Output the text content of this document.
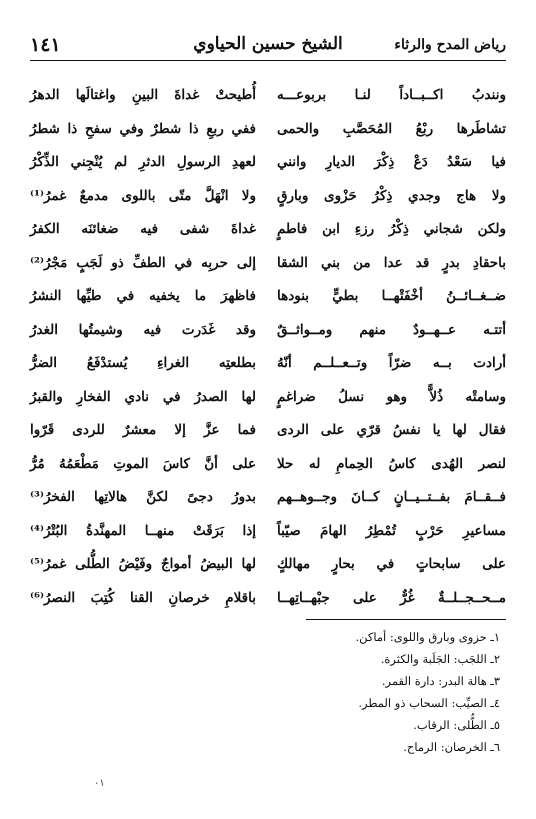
رياض المدح والرثاء
الشيخ حسين الحياوي
١٤١
ونندبُ اكــبــاداً لنـا بربوعـــه
أُطيحتْ غداةَ البينِ واغتالَها الدهرُ
تشاطَرها ربْعُ المُحَصَّبِ والحمى
ففي ربعِ ذا شطرٌ وفي سفحِ ذا شطرُ
فيا سَعْدُ دَعْ ذِكْرَ الديارِ وانني
لعهدِ الرسولِ الدثرِ لم يُنْجِني الذِّكْرُ
ولا هاج وجدي ذِكْرُ حَزْوى وبارقٍ
ولا انْهَلَّ متّى باللوى مدمعٌ غمرُ⁽¹⁾
ولكن شجاني ذِكْرُ رزءِ ابن فاطمٍ
غداةَ شفى فيه ضغائنَه الكفرُ
باحقادِ بدرٍ قد عدا من بني الشقا
إلى حربِه في الطفِّ ذو لَجَبٍ مَجْرُ⁽²⁾
ضــغــائــنُ أخْفَتْهــا بطيٍّ بنودها
فاظهرَ ما يخفيه في طيِّها النشرُ
أتتـه عــهــودٌ منهم ومــواثــقٌ
وقد غَدَرت فيه وشيمتُها الغدرُ
أرادت بــه ضرّاً وتــعــلــم أنّهُ
بطلعتِه الغراءِ يُستدْفَعُ الضرُّ
وسامتْه ذُلاًّ وهو نسلُ ضراغمٍ
لها الصدرُ في نادي الفخارِ والقبرُ
فقال لها يا نفسُ قرّي على الردى
فما عزَّ إلا معشرٌ للردى قَرّوا
لنصر الهُدى كاسُ الحِمامِ له حلا
على أنَّ كاسَ الموتِ مَطْعَمُهُ مُرُّ
فــقــامَ بفــتــيــانٍ كــانَ وجــوهــهم
بدورُ دجىً لكنَّ هالاتِها الفخرُ⁽³⁾
مساعيرِ حَرْبٍ تُمْطِرُ الهامَ صيّباً
إذا بَرَقَتْ منهــا المهنَّدةُ البُتْرُ⁽⁴⁾
على سابحاتٍ في بحارٍ مهالكٍ
لها البيضُ أمواجٌ وفَيْضُ الطُّلى غمرُ⁽⁵⁾
مــحــجــلــةٌ غُرٌّ على جبْهــاتِهــا
باقلامِ خرصانِ القنا كُتِبَ النصرُ⁽⁶⁾
١ـ حزوى وبارق واللوى: أماكن.
٢ـ اللجَب: الجَلَبة والكثرة.
٣ـ هالة البدر: دارة القمر.
٤ـ الصيِّب: السحاب ذو المطر.
٥ـ الطُّلى: الرقاب.
٦ـ الخرصان: الرماح.
٠١
